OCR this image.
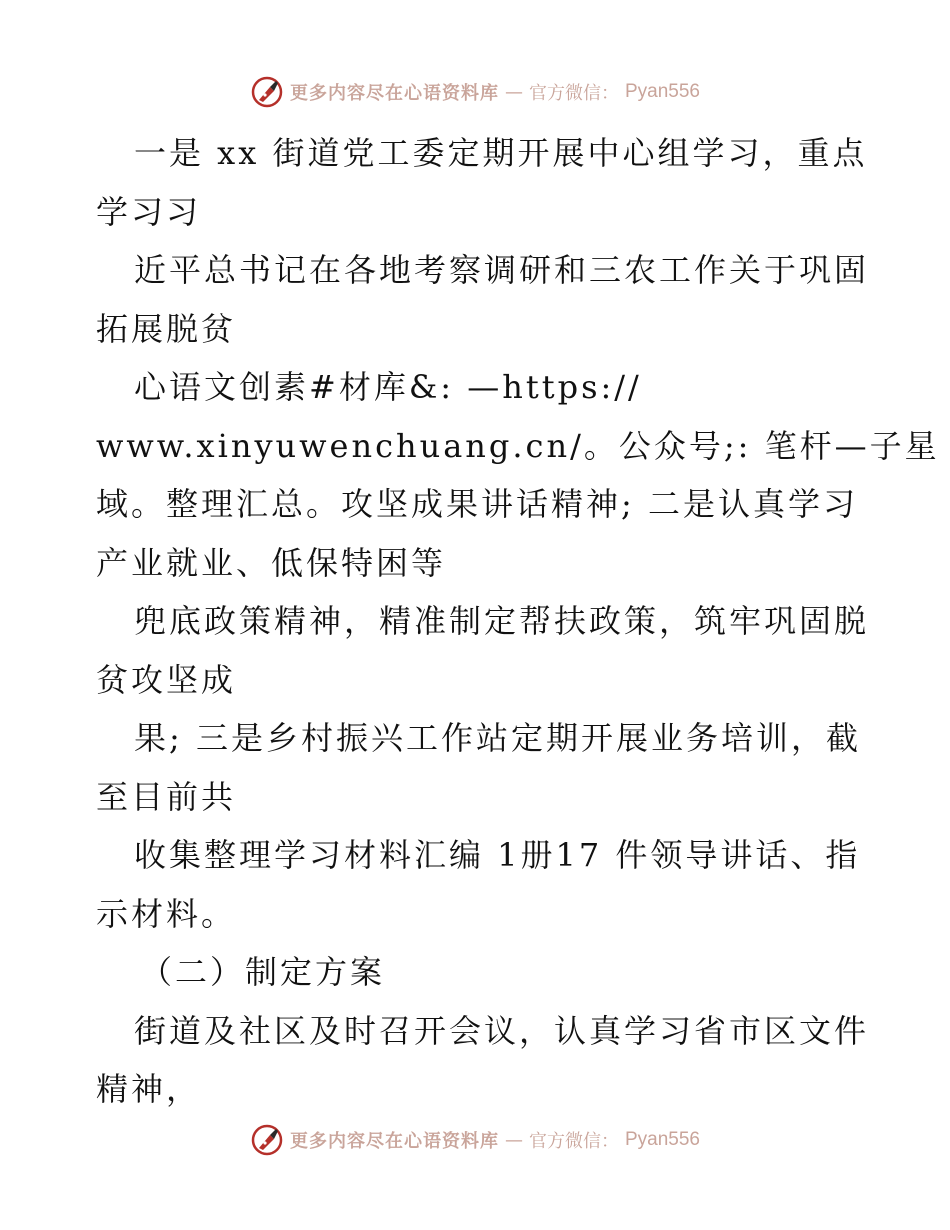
更多内容尽在心语资料库 — 官方微信： Pyan556
一是 xx 街道党工委定期开展中心组学习，重点
学习习
近平总书记在各地考察调研和三农工作关于巩固
拓展脱贫
心语文创素#材库&: —https://
www.xinyuwenchuang.cn/。公众号;: 笔杆—子星
域。整理汇总。攻坚成果讲话精神; 二是认真学习
产业就业、低保特困等
兜底政策精神，精准制定帮扶政策，筑牢巩固脱
贫攻坚成
果; 三是乡村振兴工作站定期开展业务培训，截
至目前共
收集整理学习材料汇编 1册17 件领导讲话、指
示材料。
（二）制定方案
街道及社区及时召开会议，认真学习省市区文件
精神，
更多内容尽在心语资料库 — 官方微信： Pyan556
